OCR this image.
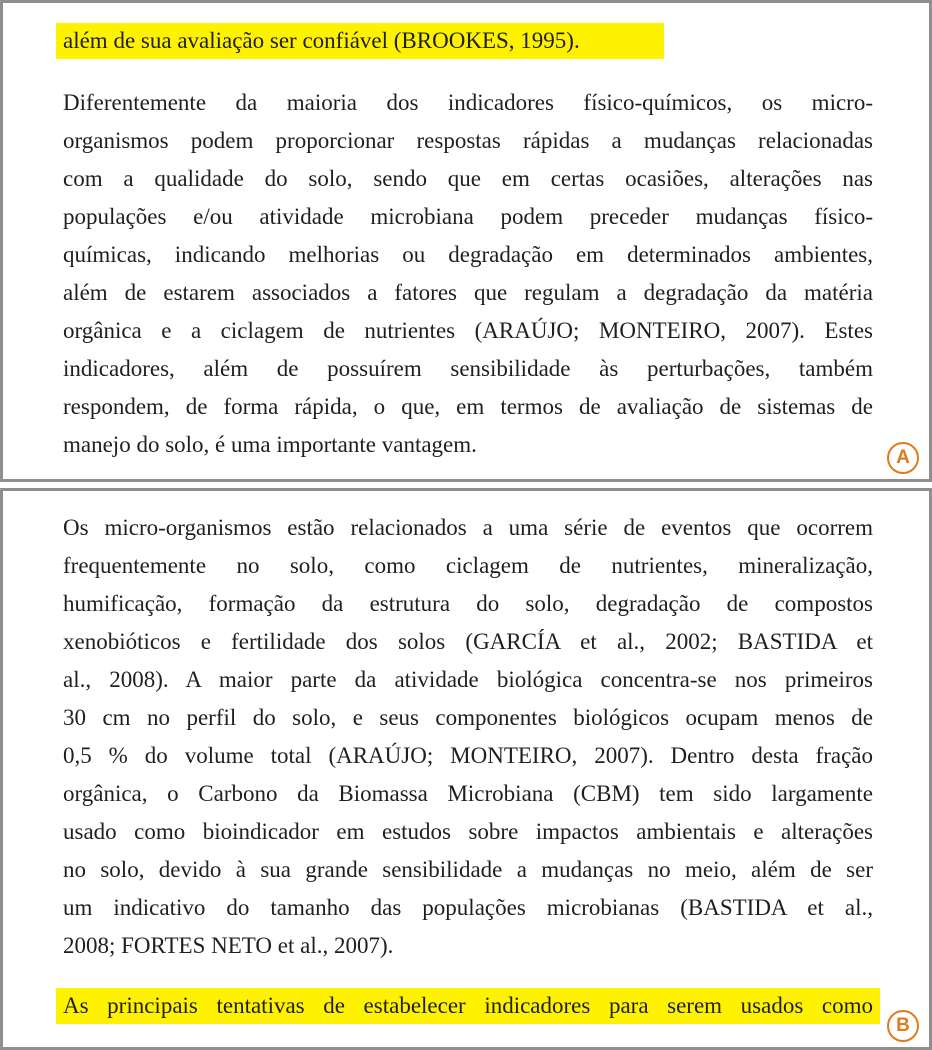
além de sua avaliação ser confiável (BROOKES, 1995).
Diferentemente da maioria dos indicadores físico-químicos, os micro-
organismos podem proporcionar respostas rápidas a mudanças relacionadas
com a qualidade do solo, sendo que em certas ocasiões, alterações nas
populações e/ou atividade microbiana podem preceder mudanças físico-
químicas, indicando melhorias ou degradação em determinados ambientes,
além de estarem associados a fatores que regulam a degradação da matéria
orgânica e a ciclagem de nutrientes (ARAÚJO; MONTEIRO, 2007). Estes
indicadores, além de possuírem sensibilidade às perturbações, também
respondem, de forma rápida, o que, em termos de avaliação de sistemas de
manejo do solo, é uma importante vantagem.
A
Os micro-organismos estão relacionados a uma série de eventos que ocorrem
frequentemente no solo, como ciclagem de nutrientes, mineralização,
humificação, formação da estrutura do solo, degradação de compostos
xenobióticos e fertilidade dos solos (GARCÍA et al., 2002; BASTIDA et
al., 2008). A maior parte da atividade biológica concentra-se nos primeiros
30 cm no perfil do solo, e seus componentes biológicos ocupam menos de
0,5 % do volume total (ARAÚJO; MONTEIRO, 2007). Dentro desta fração
orgânica, o Carbono da Biomassa Microbiana (CBM) tem sido largamente
usado como bioindicador em estudos sobre impactos ambientais e alterações
no solo, devido à sua grande sensibilidade a mudanças no meio, além de ser
um indicativo do tamanho das populações microbianas (BASTIDA et al.,
2008; FORTES NETO et al., 2007).
As principais tentativas de estabelecer indicadores para serem usados como
B
